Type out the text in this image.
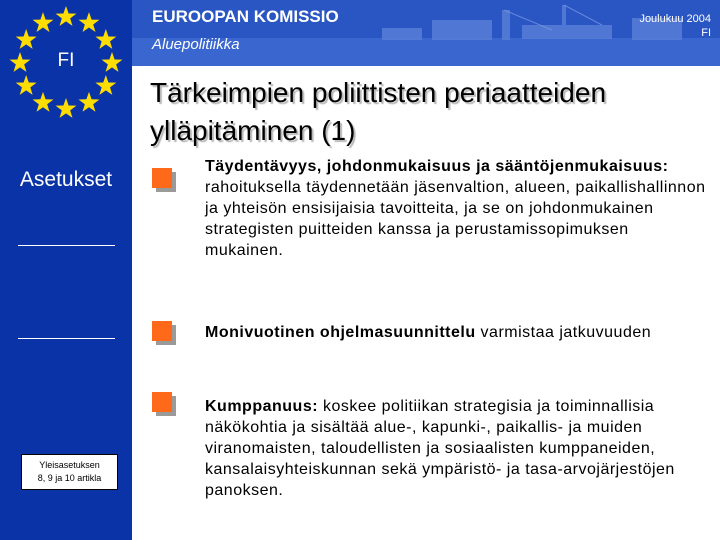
FI
Asetukset
Yleisasetuksen
8, 9 ja 10 artikla
EUROOPAN KOMISSIO
Aluepolitiikka
Joulukuu 2004
FI
Tärkeimpien poliittisten periaatteiden ylläpitäminen (1)
Täydentävyys, johdonmukaisuus ja sääntöjenmukaisuus: rahoituksella täydennetään jäsenvaltion, alueen, paikallishallinnon ja yhteisön ensisijaisia tavoitteita, ja se on johdonmukainen strategisten puitteiden kanssa ja perustamissopimuksen mukainen.
Monivuotinen ohjelmasuunnittelu varmistaa jatkuvuuden
Kumppanuus: koskee politiikan strategisia ja toiminnallisia näkökohtia ja sisältää alue-, kapunki-, paikallis- ja muiden viranomaisten, taloudellisten ja sosiaalisten kumppaneiden, kansalaisyhteiskunnan sekä ympäristö- ja tasa-arvojärjestöjen panoksen.
